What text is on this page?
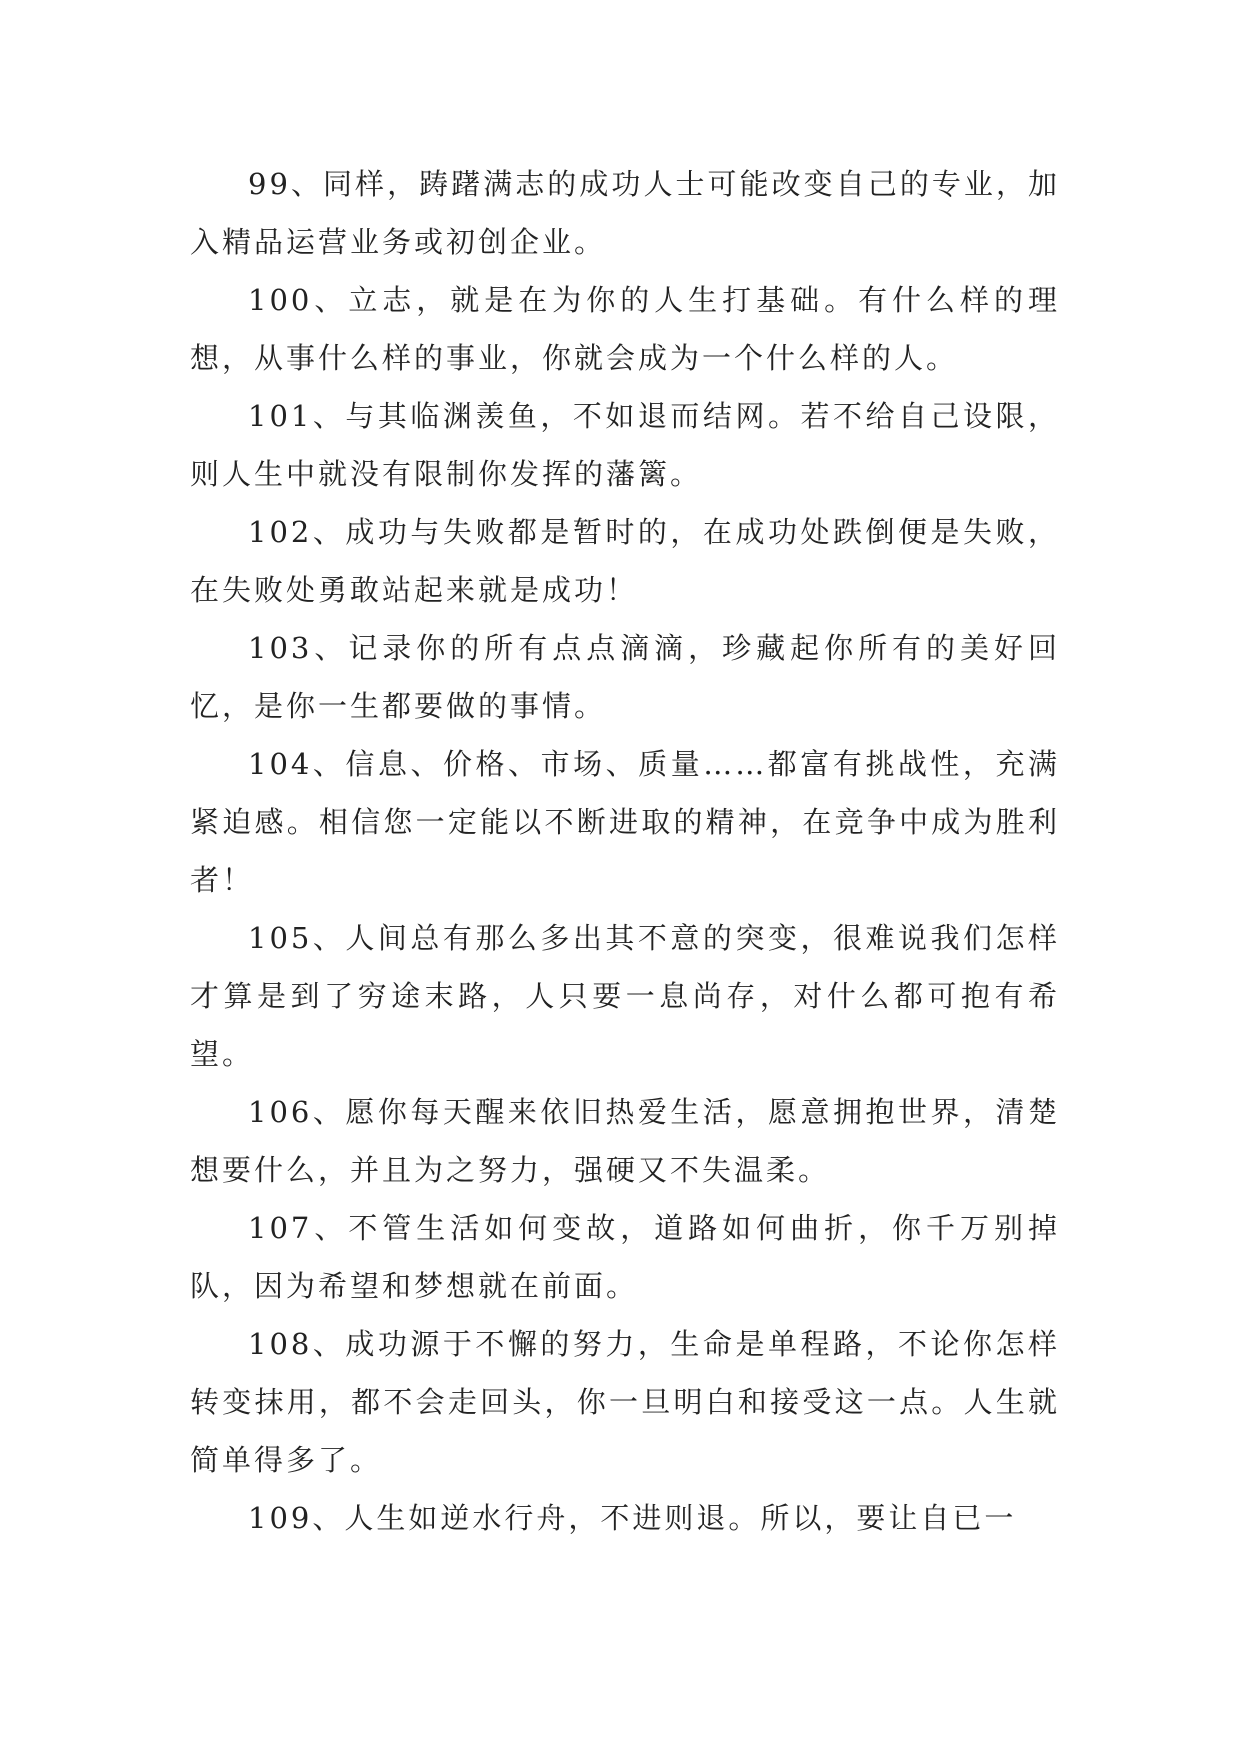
99、同样，踌躇满志的成功人士可能改变自己的专业，加入精品运营业务或初创企业。

100、立志，就是在为你的人生打基础。有什么样的理想，从事什么样的事业，你就会成为一个什么样的人。

101、与其临渊羡鱼，不如退而结网。若不给自己设限，则人生中就没有限制你发挥的藩篱。

102、成功与失败都是暂时的，在成功处跌倒便是失败，在失败处勇敢站起来就是成功！

103、记录你的所有点点滴滴，珍藏起你所有的美好回忆，是你一生都要做的事情。

104、信息、价格、市场、质量……都富有挑战性，充满紧迫感。相信您一定能以不断进取的精神，在竞争中成为胜利者！

105、人间总有那么多出其不意的突变，很难说我们怎样才算是到了穷途末路，人只要一息尚存，对什么都可抱有希望。

106、愿你每天醒来依旧热爱生活，愿意拥抱世界，清楚想要什么，并且为之努力，强硬又不失温柔。

107、不管生活如何变故，道路如何曲折，你千万别掉队，因为希望和梦想就在前面。

108、成功源于不懈的努力，生命是单程路，不论你怎样转变抹用，都不会走回头，你一旦明白和接受这一点。人生就简单得多了。

109、人生如逆水行舟，不进则退。所以，要让自已一
